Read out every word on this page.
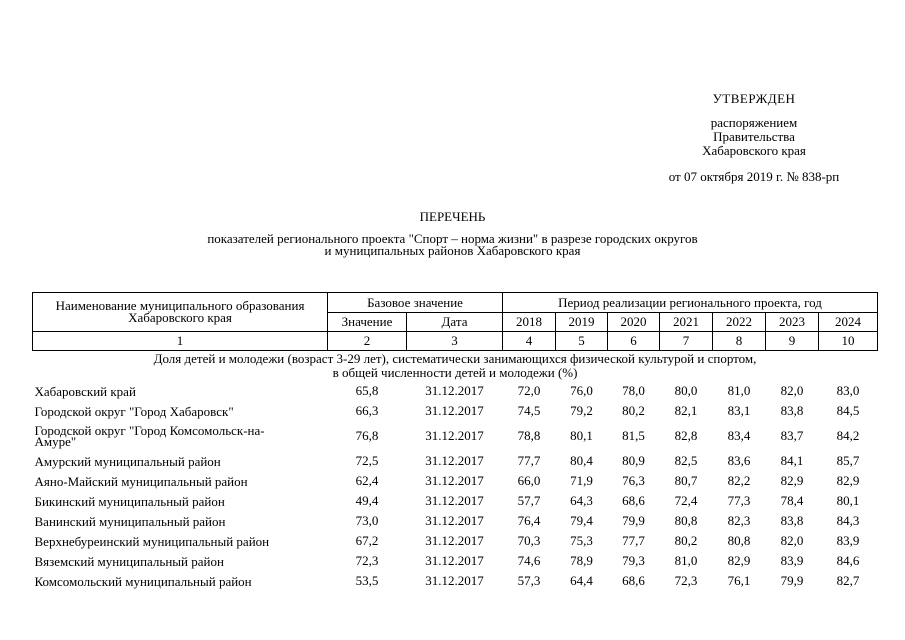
УТВЕРЖДЕН
распоряжением
Правительства
Хабаровского края
от 07 октября 2019 г. № 838-рп
ПЕРЕЧЕНЬ
показателей регионального проекта "Спорт – норма жизни" в разрезе городских округов
и муниципальных районов Хабаровского края
Наименование муниципального образования Хабаровского края	Базовое значение		Период реализации регионального проекта, год						
	Значение	Дата	2018	2019	2020	2021	2022	2023	2024
1	2	3	4	5	6	7	8	9	10

Доля детей и молодежи (возраст 3-29 лет), систематически занимающихся физической культурой и спортом,
в общей численности детей и молодежи (%)									

Хабаровский край	65,8	31.12.2017	72,0	76,0	78,0	80,0	81,0	82,0	83,0
Городской округ "Город Хабаровск"	66,3	31.12.2017	74,5	79,2	80,2	82,1	83,1	83,8	84,5

Городской округ "Город Комсомольск-на-
Амуре"	76,8	31.12.2017	78,8	80,1	81,5	82,8	83,4	83,7	84,2
Амурский муниципальный район	72,5	31.12.2017	77,7	80,4	80,9	82,5	83,6	84,1	85,7
Аяно-Майский муниципальный район	62,4	31.12.2017	66,0	71,9	76,3	80,7	82,2	82,9	82,9
Бикинский муниципальный район	49,4	31.12.2017	57,7	64,3	68,6	72,4	77,3	78,4	80,1
Ванинский муниципальный район	73,0	31.12.2017	76,4	79,4	79,9	80,8	82,3	83,8	84,3
Верхнебуреинский муниципальный район	67,2	31.12.2017	70,3	75,3	77,7	80,2	80,8	82,0	83,9
Вяземский муниципальный район	72,3	31.12.2017	74,6	78,9	79,3	81,0	82,9	83,9	84,6
Комсомольский муниципальный район	53,5	31.12.2017	57,3	64,4	68,6	72,3	76,1	79,9	82,7
